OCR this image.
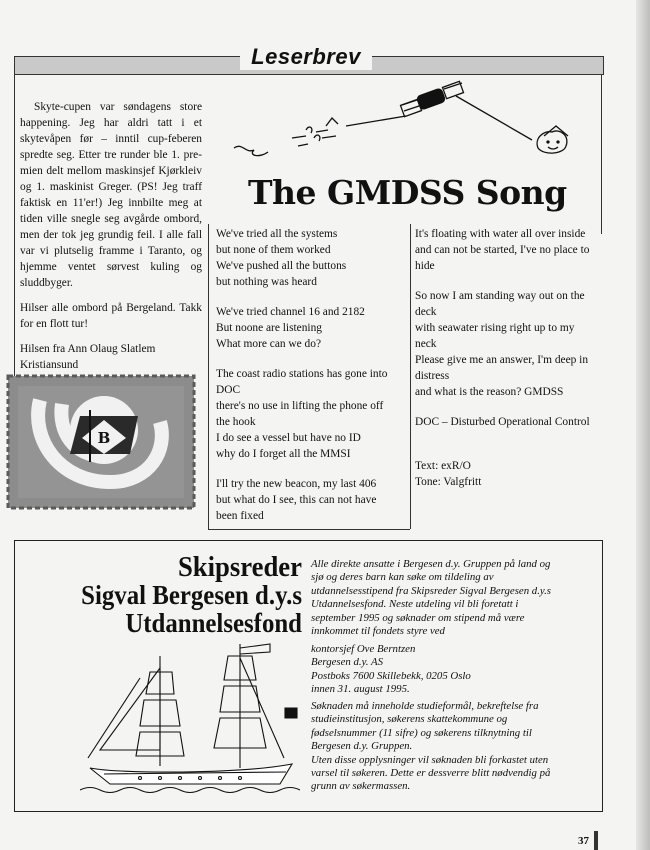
Leserbrev

Skyte-cupen var søndagens store happening. Jeg har aldri tatt i et skytevåpen før – inntil cup-feberen spredte seg. Etter tre runder ble 1. pre- mien delt mellom maskinsjef Kjørkleiv og 1. maskinist Greger. (PS! Jeg traff faktisk en 11'er!) Jeg innbilte meg at tiden ville snegle seg avgårde ombord, men der tok jeg grundig feil. I alle fall var vi plutselig framme i Taranto, og hjemme ventet sørvest kuling og sluddbyger.

Hilser alle ombord på Bergeland. Takk for en flott tur!

Hilsen fra Ann Olaug Slatlem
Kristiansund
B
The GMDSS Song
We've tried all the systems
but none of them worked
We've pushed all the buttons
but nothing was heard
We've tried channel 16 and 2182
But noone are listening
What more can we do?
The coast radio stations has gone into
DOC
there's no use in lifting the phone off
the hook
I do see a vessel but have no ID
why do I forget all the MMSI
I'll try the new beacon, my last 406
but what do I see, this can not have
been fixed
It's floating with water all over inside
and can not be started, I've no place to
hide
So now I am standing way out on the
deck
with seawater rising right up to my
neck
Please give me an answer, I'm deep in
distress
and what is the reason? GMDSS
DOC – Disturbed Operational Control
Text: exR/O
Tone: Valgfritt
Skipsreder
Sigval Bergesen d.y.s
Utdannelsesfond
Alle direkte ansatte i Bergesen d.y. Gruppen på land og
sjø og deres barn kan søke om tildeling av
utdannelsesstipend fra Skipsreder Sigval Bergesen d.y.s
Utdannelsesfond. Neste utdeling vil bli foretatt i
september 1995 og søknader om stipend må være
innkommet til fondets styre ved
kontorsjef Ove Berntzen
Bergesen d.y. AS
Postboks 7600 Skillebekk, 0205 Oslo
innen 31. august 1995.
Søknaden må inneholde studieformål, bekreftelse fra
studieinstitusjon, søkerens skattekommune og
fødselsnummer (11 sifre) og søkerens tilknytning til
Bergesen d.y. Gruppen.
Uten disse opplysninger vil søknaden bli forkastet uten
varsel til søkeren. Dette er dessverre blitt nødvendig på
grunn av søkermassen.
37
